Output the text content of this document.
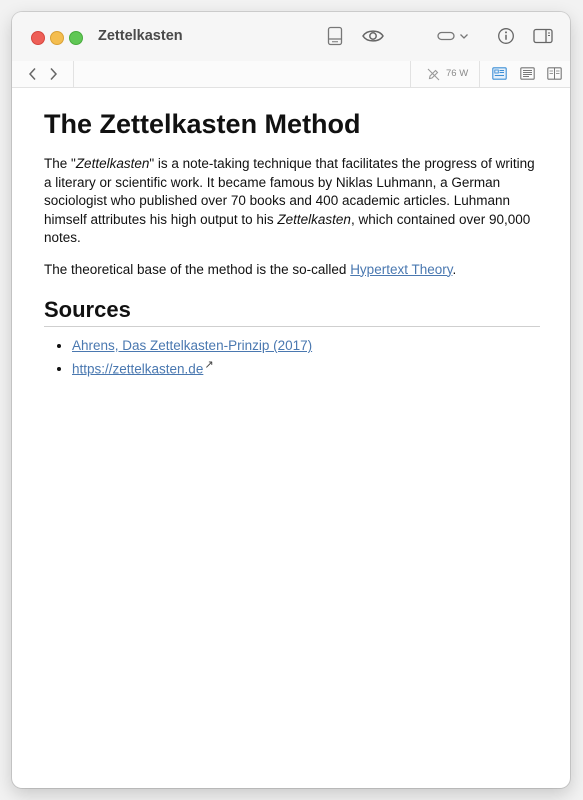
Zettelkasten
76 W
The Zettelkasten Method

The "Zettelkasten" is a note-taking technique that facilitates the progress of writing a literary or scientific work. It became famous by Niklas Luhmann, a German sociologist who published over 70 books and 400 academic articles. Luhmann himself attributes his high output to his Zettelkasten, which contained over 90,000 notes.

The theoretical base of the method is the so-called Hypertext Theory.

Sources
• Ahrens, Das Zettelkasten-Prinzip (2017)
• https://zettelkasten.de↗
